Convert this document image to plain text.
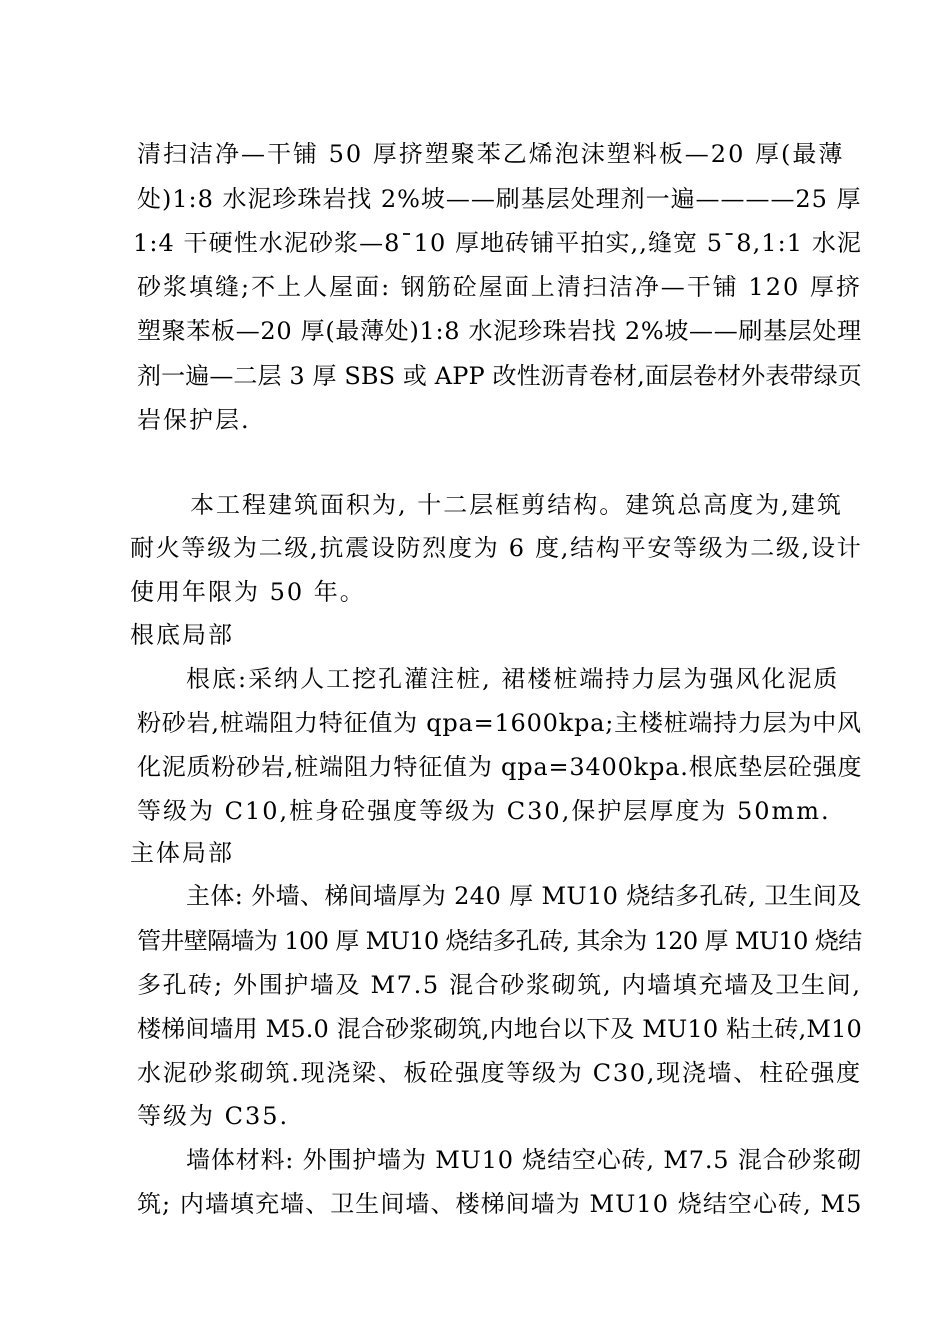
清扫洁净—干铺 50 厚挤塑聚苯乙烯泡沫塑料板—20 厚(最薄
处)1:8 水泥珍珠岩找 2%坡——刷基层处理剂一遍————25 厚
1:4 干硬性水泥砂浆—8¯10 厚地砖铺平拍实,,缝宽 5¯8,1:1 水泥
砂浆填缝;不上人屋面: 钢筋砼屋面上清扫洁净—干铺 120 厚挤
塑聚苯板—20 厚(最薄处)1:8 水泥珍珠岩找 2%坡——刷基层处理
剂一遍—二层 3 厚 SBS 或 APP 改性沥青卷材,面层卷材外表带绿页
岩保护层.
本工程建筑面积为, 十二层框剪结构。建筑总高度为,建筑
耐火等级为二级,抗震设防烈度为 6 度,结构平安等级为二级,设计
使用年限为 50 年。
根底局部
根底:采纳人工挖孔灌注桩, 裙楼桩端持力层为强风化泥质
粉砂岩,桩端阻力特征值为 qpa=1600kpa;主楼桩端持力层为中风
化泥质粉砂岩,桩端阻力特征值为 qpa=3400kpa.根底垫层砼强度
等级为 C10,桩身砼强度等级为 C30,保护层厚度为 50mm.
主体局部
主体: 外墙、梯间墙厚为 240 厚 MU10 烧结多孔砖, 卫生间及
管井壁隔墙为 100 厚 MU10 烧结多孔砖, 其余为 120 厚 MU10 烧结
多孔砖; 外围护墙及 M7.5 混合砂浆砌筑, 内墙填充墙及卫生间,
楼梯间墙用 M5.0 混合砂浆砌筑,内地台以下及 MU10 粘土砖,M10
水泥砂浆砌筑.现浇梁、板砼强度等级为 C30,现浇墙、柱砼强度
等级为 C35.
墙体材料: 外围护墙为 MU10 烧结空心砖, M7.5 混合砂浆砌
筑; 内墙填充墙、卫生间墙、楼梯间墙为 MU10 烧结空心砖, M5
